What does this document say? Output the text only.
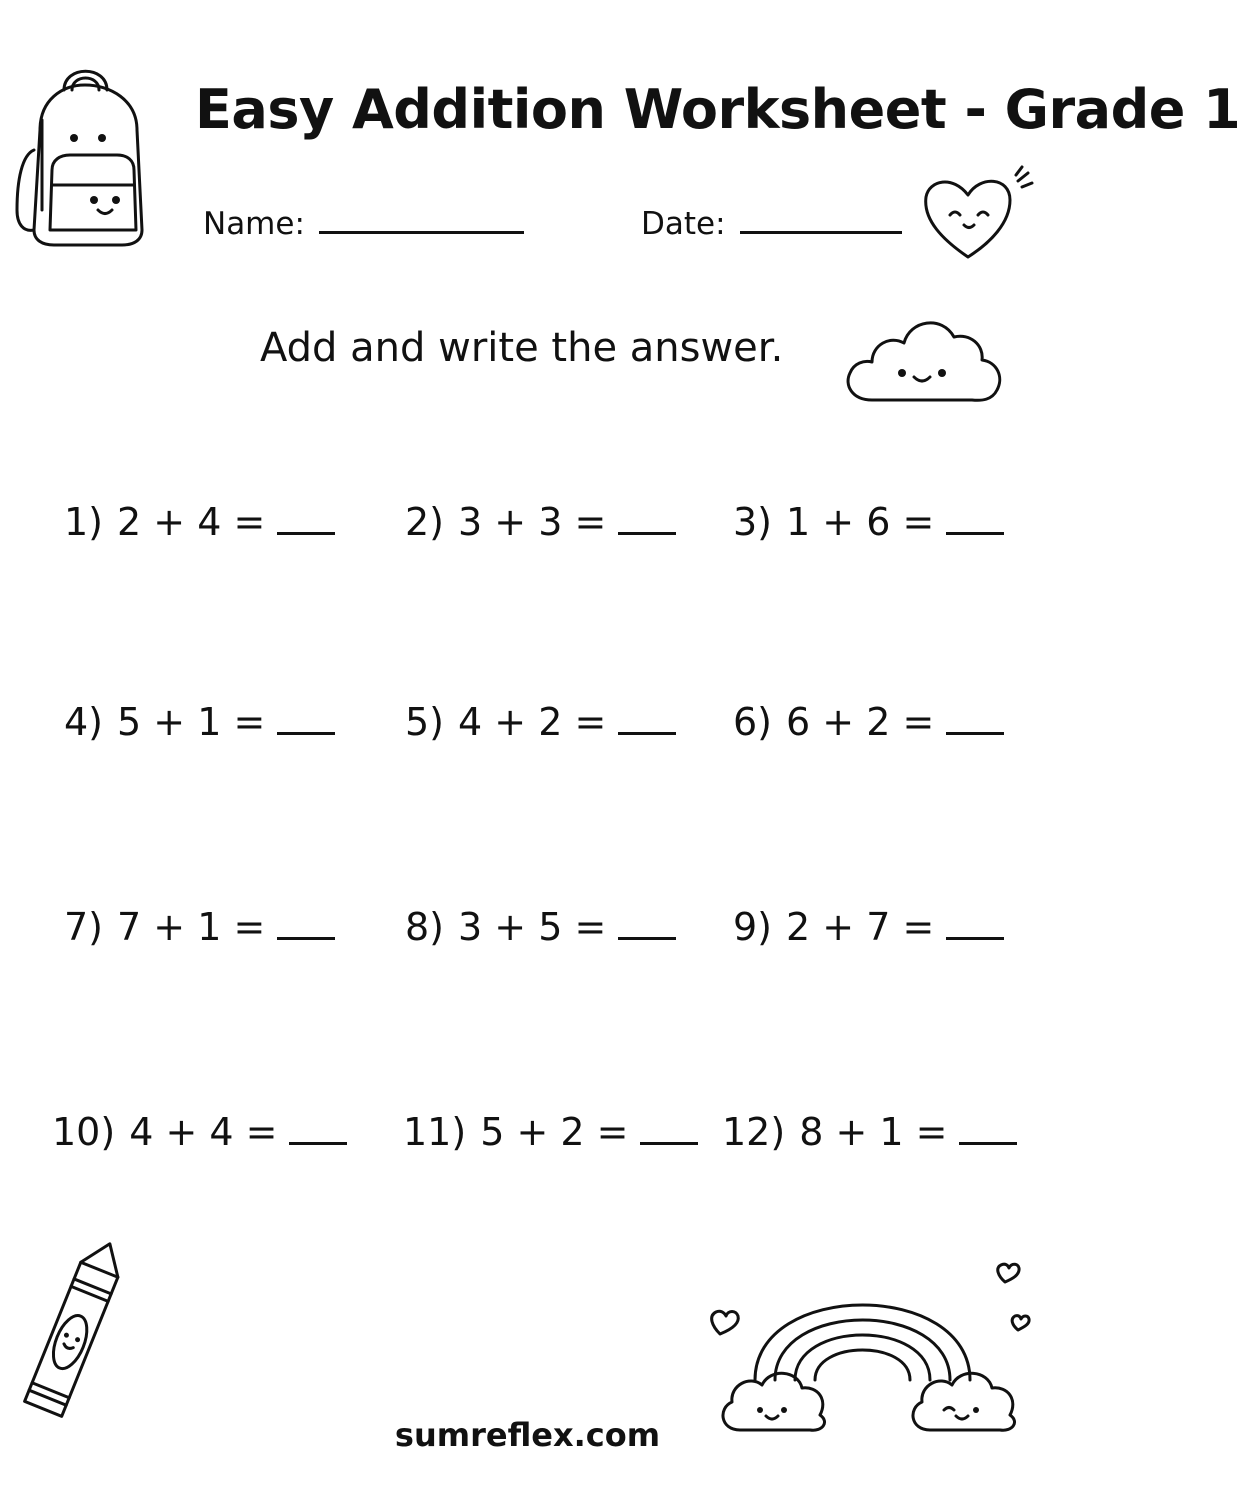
Easy Addition Worksheet - Grade 1
Name:	Date:
Add and write the answer.
1) 2 + 4 =	2) 3 + 3 =	3) 1 + 6 =
4) 5 + 1 =	5) 4 + 2 =	6) 6 + 2 =
7) 7 + 1 =	8) 3 + 5 =	9) 2 + 7 =
10) 4 + 4 =	11) 5 + 2 =	12) 8 + 1 =
sumreflex.com
